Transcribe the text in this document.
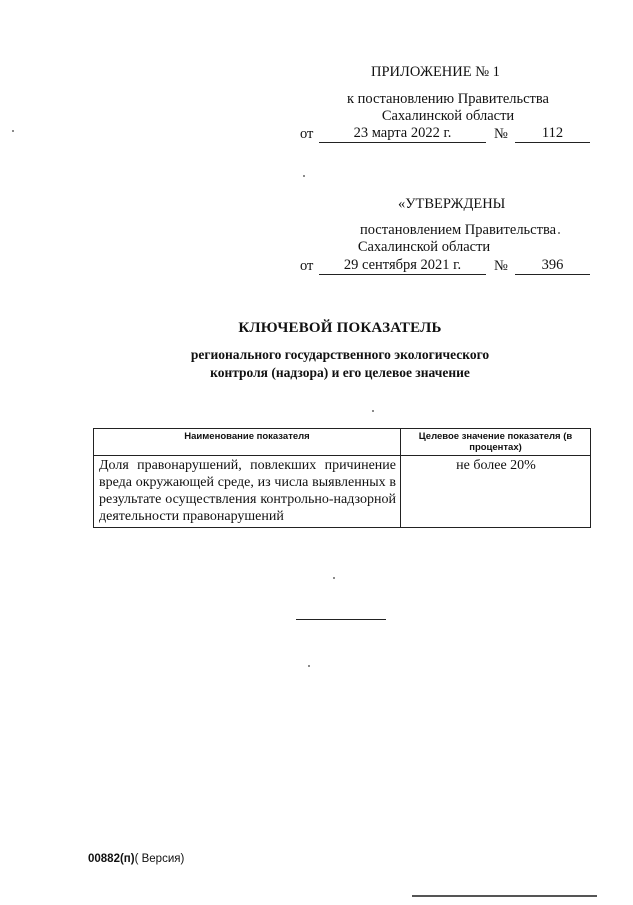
ПРИЛОЖЕНИЕ № 1
к постановлению Правительства
Сахалинской области
от	23 марта 2022 г.	№	112
«УТВЕРЖДЕНЫ
постановлением Правительства
Сахалинской области
от	29 сентября 2021 г.	№	396
КЛЮЧЕВОЙ ПОКАЗАТЕЛЬ
регионального государственного экологического
контроля (надзора) и его целевое значение
Наименование показателя	Целевое значение показателя (в процентах)
Доля правонарушений, повлекших причинение вреда окружающей среде, из числа выявленных в результате осуществления контрольно-надзорной деятельности правонарушений	не более 20%
00882(п)( Версия)
